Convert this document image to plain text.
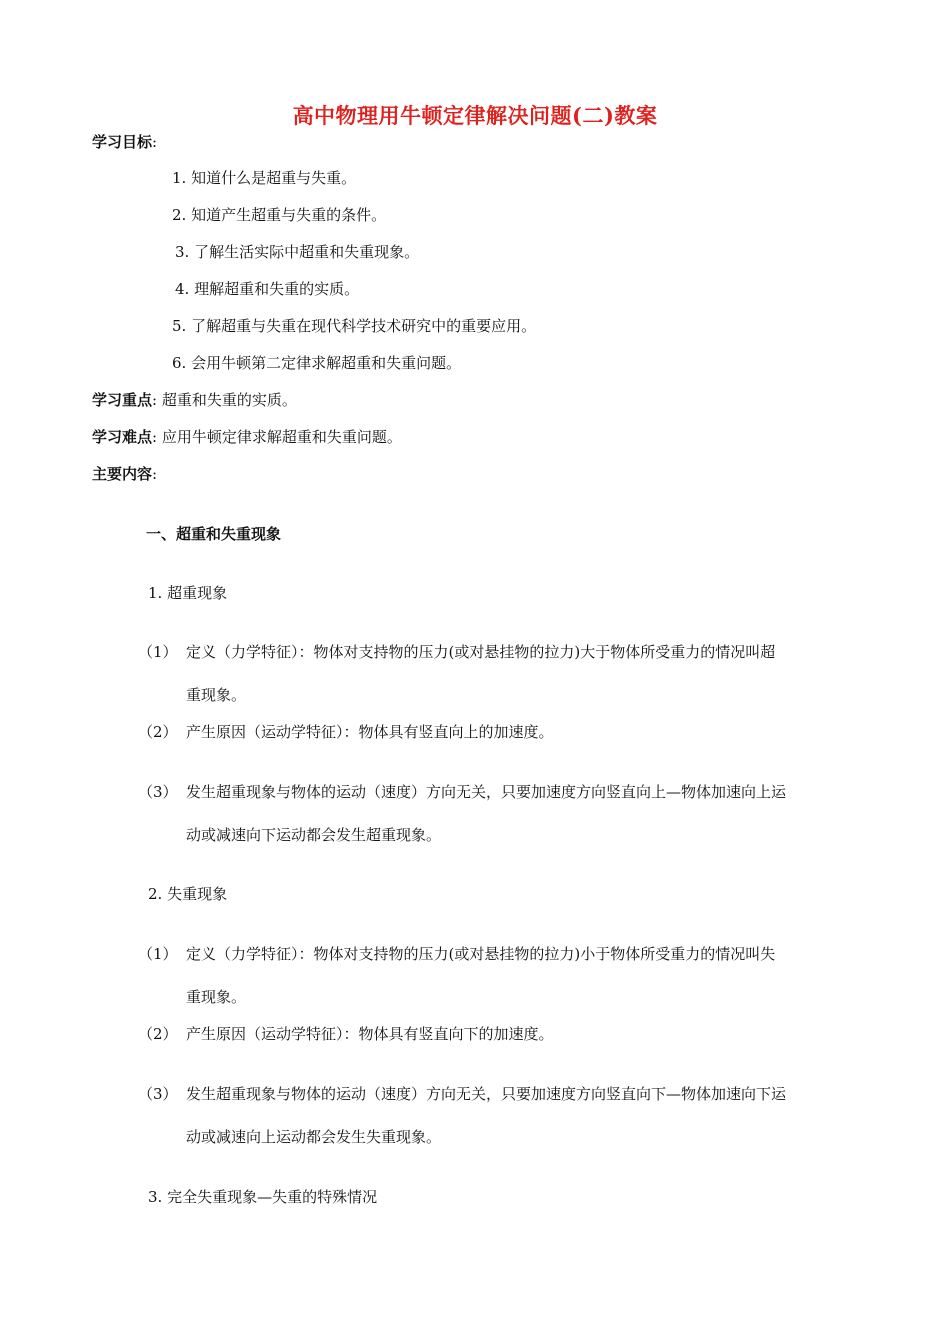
高中物理用牛顿定律解决问题(二)教案
学习目标:
1. 知道什么是超重与失重。
2. 知道产生超重与失重的条件。
3. 了解生活实际中超重和失重现象。
4. 理解超重和失重的实质。
5. 了解超重与失重在现代科学技术研究中的重要应用。
6. 会用牛顿第二定律求解超重和失重问题。
学习重点: 超重和失重的实质。
学习难点: 应用牛顿定律求解超重和失重问题。
主要内容:
一、超重和失重现象
1. 超重现象
（1） 定义（力学特征）：物体对支持物的压力(或对悬挂物的拉力)大于物体所受重力的情况叫超
重现象。
（2） 产生原因（运动学特征）：物体具有竖直向上的加速度。
（3） 发生超重现象与物体的运动（速度）方向无关，只要加速度方向竖直向上—物体加速向上运
动或减速向下运动都会发生超重现象。
2. 失重现象
（1） 定义（力学特征）：物体对支持物的压力(或对悬挂物的拉力)小于物体所受重力的情况叫失
重现象。
（2） 产生原因（运动学特征）：物体具有竖直向下的加速度。
（3） 发生超重现象与物体的运动（速度）方向无关，只要加速度方向竖直向下—物体加速向下运
动或减速向上运动都会发生失重现象。
3. 完全失重现象—失重的特殊情况
